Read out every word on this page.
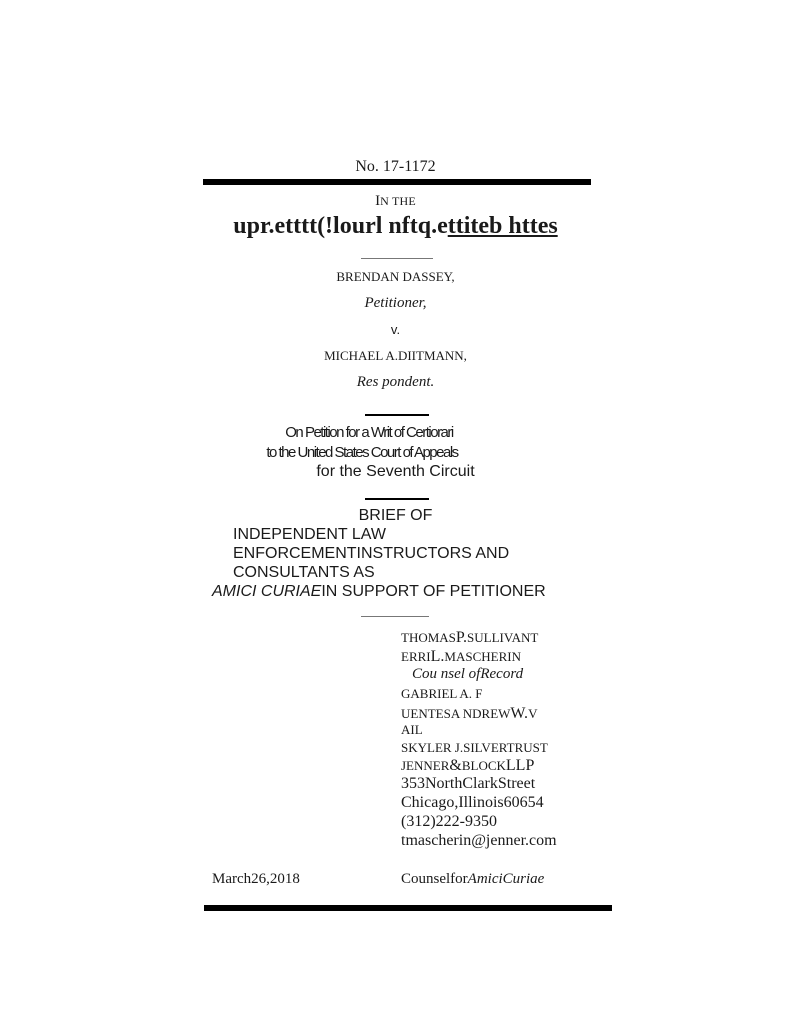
No. 17-1172
IN THE
upr.etttt(!lourl nftq.ettiteb httes
BRENDAN DASSEY,
Petitioner,
v.
MICHAEL A.DIITMANN,
Res pondent.
On Petition for a Writ of Certiorari
to the United States Court of Appeals
for the Seventh Circuit
BRIEF OF
INDEPENDENT LAW
ENFORCEMENTINSTRUCTORS AND
CONSULTANTS AS
AMICI CURIAEIN SUPPORT OF PETITIONER
THOMASP.SULLIVANT
ERRIL.MASCHERIN
Cou nsel ofRecord
GABRIEL A. F
UENTESA NDREWW.V
AIL
SKYLER J.SILVERTRUST
JENNER&BLOCKLLP
353NorthClarkStreet
Chicago,Illinois60654
(312)222-9350
tmascherin@jenner.com
March26,2018	CounselforAmiciCuriae
